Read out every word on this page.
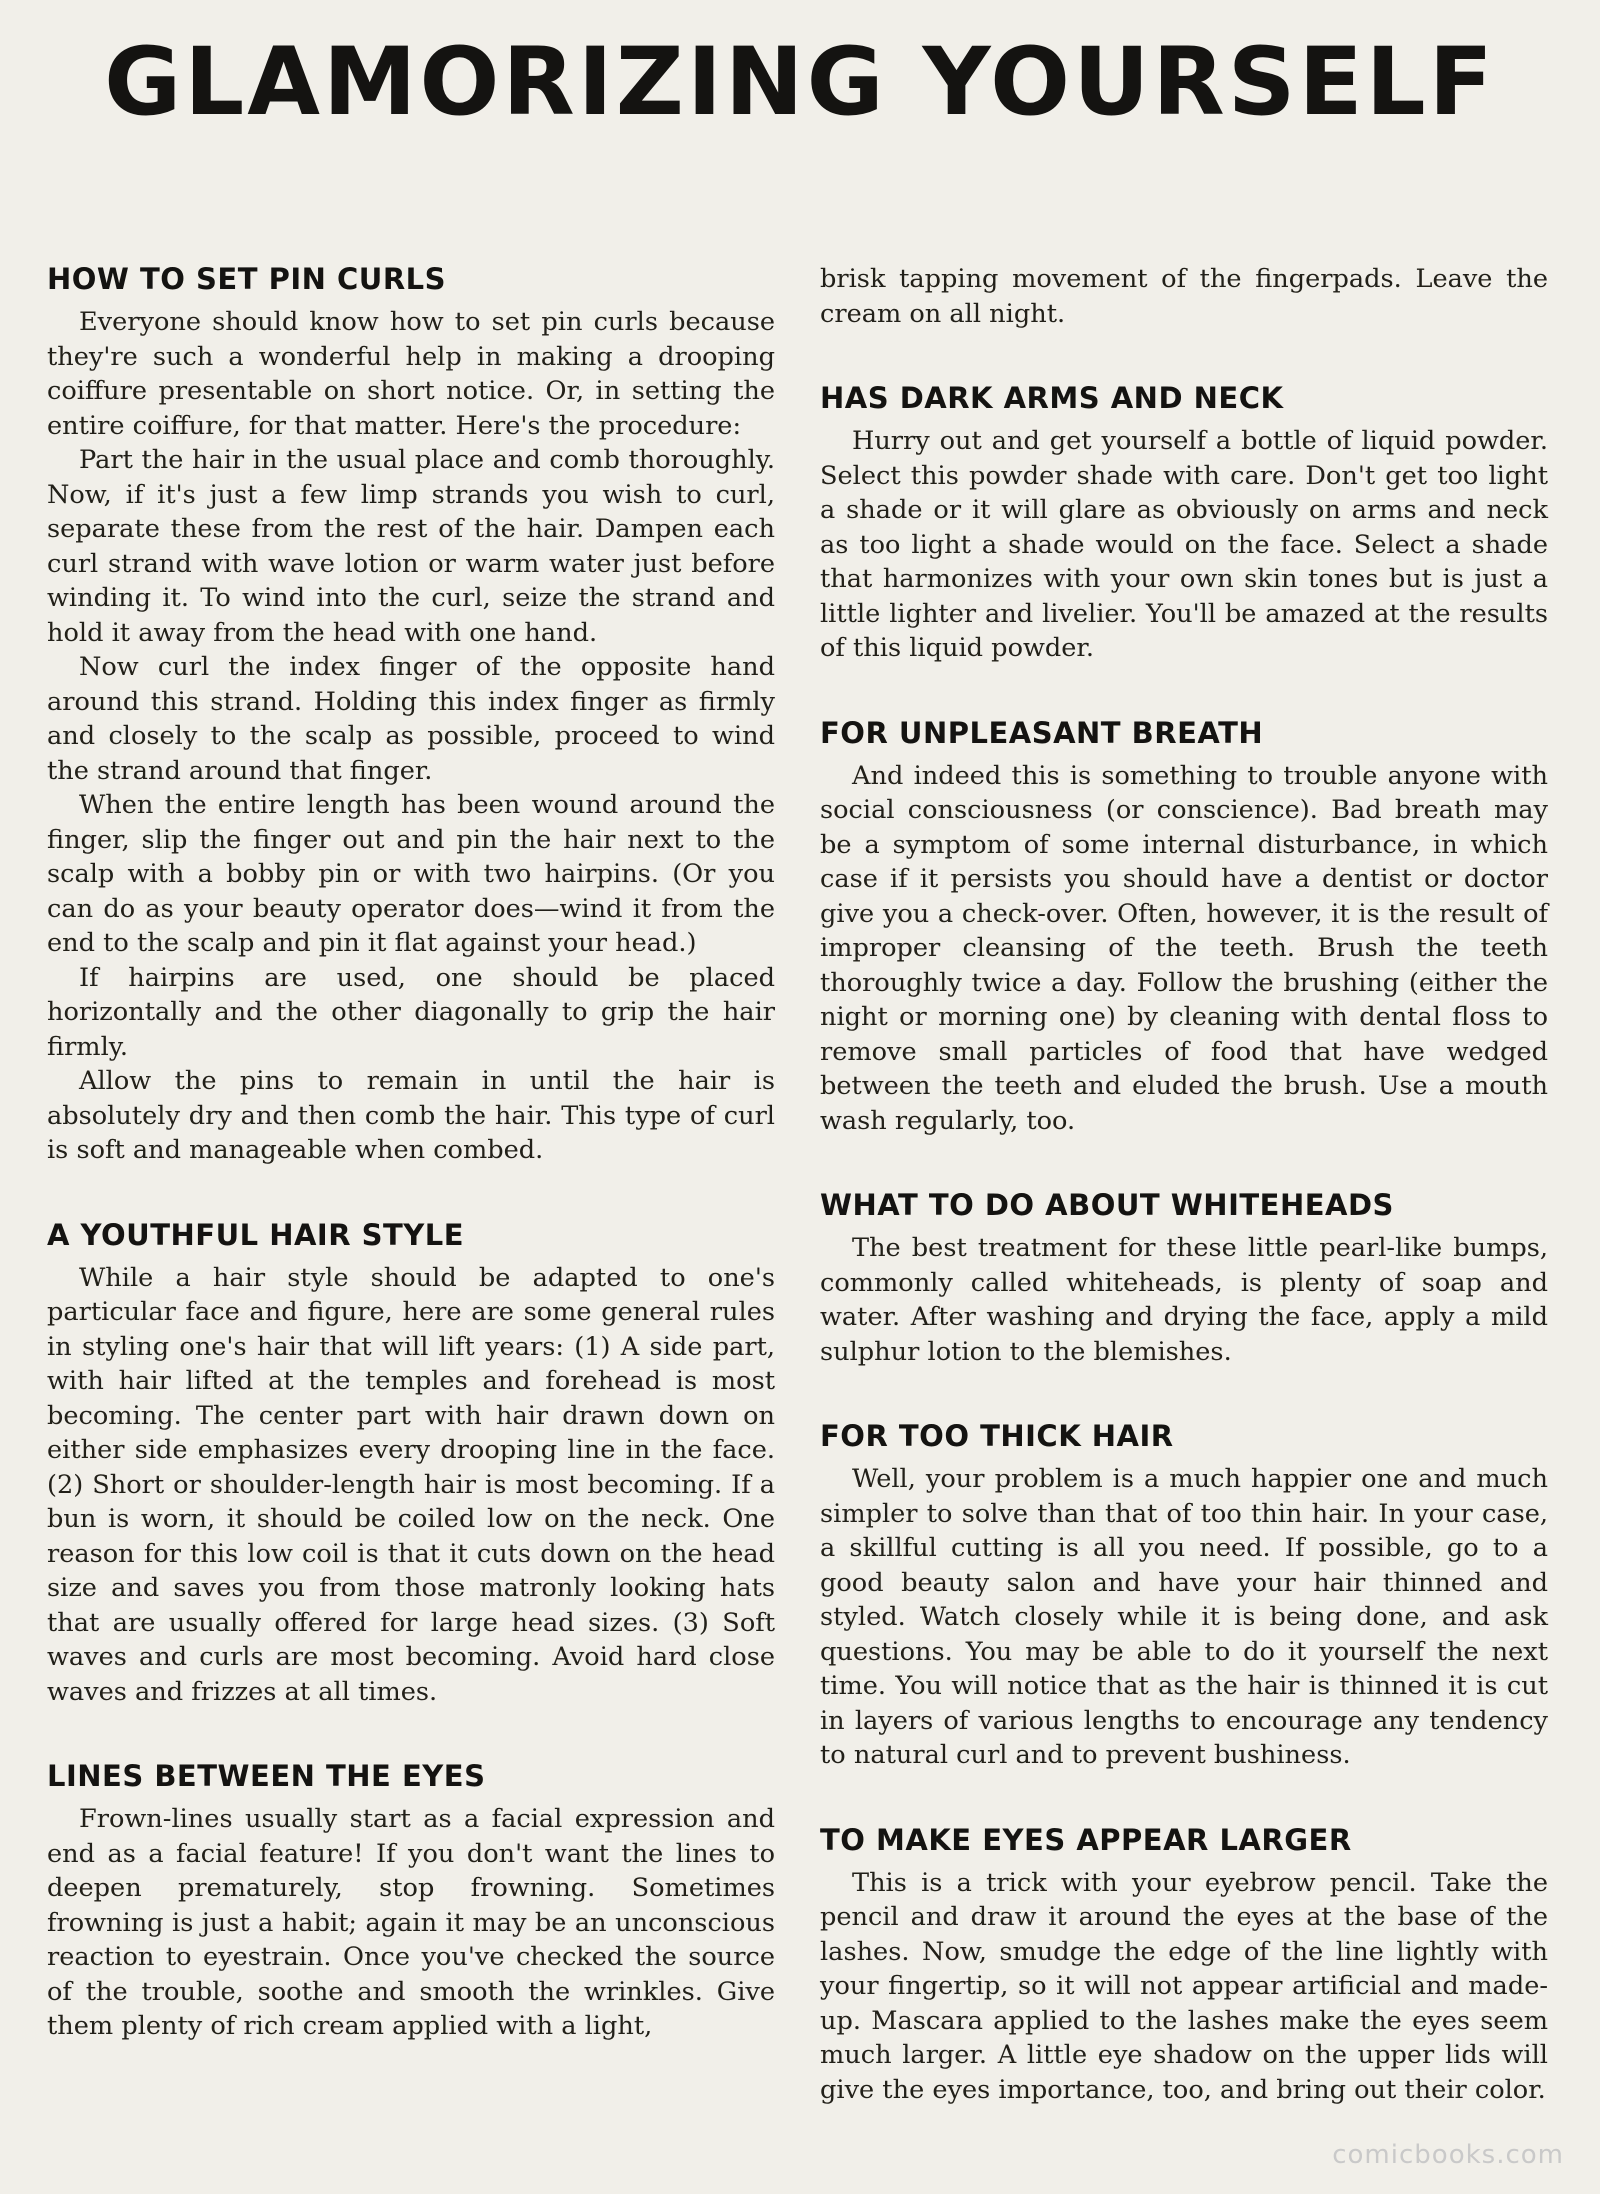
GLAMORIZING YOURSELF
HOW TO SET PIN CURLS

Everyone should know how to set pin curls because they're such a wonderful help in making a drooping coiffure presentable on short notice. Or, in setting the entire coiffure, for that matter. Here's the procedure:

Part the hair in the usual place and comb thoroughly. Now, if it's just a few limp strands you wish to curl, separate these from the rest of the hair. Dampen each curl strand with wave lotion or warm water just before winding it. To wind into the curl, seize the strand and hold it away from the head with one hand.

Now curl the index finger of the opposite hand around this strand. Holding this index finger as firmly and closely to the scalp as possible, proceed to wind the strand around that finger.

When the entire length has been wound around the finger, slip the finger out and pin the hair next to the scalp with a bobby pin or with two hairpins. (Or you can do as your beauty operator does—wind it from the end to the scalp and pin it flat against your head.)

If hairpins are used, one should be placed horizontally and the other diagonally to grip the hair firmly.

Allow the pins to remain in until the hair is absolutely dry and then comb the hair. This type of curl is soft and manageable when combed.

A YOUTHFUL HAIR STYLE

While a hair style should be adapted to one's particular face and figure, here are some general rules in styling one's hair that will lift years: (1) A side part, with hair lifted at the temples and forehead is most becoming. The center part with hair drawn down on either side emphasizes every drooping line in the face. (2) Short or shoulder-length hair is most becoming. If a bun is worn, it should be coiled low on the neck. One reason for this low coil is that it cuts down on the head size and saves you from those matronly looking hats that are usually offered for large head sizes. (3) Soft waves and curls are most becoming. Avoid hard close waves and frizzes at all times.

LINES BETWEEN THE EYES

Frown-lines usually start as a facial expression and end as a facial feature! If you don't want the lines to deepen prematurely, stop frowning. Sometimes frowning is just a habit; again it may be an unconscious reaction to eyestrain. Once you've checked the source of the trouble, soothe and smooth the wrinkles. Give them plenty of rich cream applied with a light,

brisk tapping movement of the fingerpads. Leave the cream on all night.

HAS DARK ARMS AND NECK

Hurry out and get yourself a bottle of liquid powder. Select this powder shade with care. Don't get too light a shade or it will glare as obviously on arms and neck as too light a shade would on the face. Select a shade that harmonizes with your own skin tones but is just a little lighter and livelier. You'll be amazed at the results of this liquid powder.

FOR UNPLEASANT BREATH

And indeed this is something to trouble anyone with social consciousness (or conscience). Bad breath may be a symptom of some internal disturbance, in which case if it persists you should have a dentist or doctor give you a check-over. Often, however, it is the result of improper cleansing of the teeth. Brush the teeth thoroughly twice a day. Follow the brushing (either the night or morning one) by cleaning with dental floss to remove small particles of food that have wedged between the teeth and eluded the brush. Use a mouth wash regularly, too.

WHAT TO DO ABOUT WHITEHEADS

The best treatment for these little pearl-like bumps, commonly called whiteheads, is plenty of soap and water. After washing and drying the face, apply a mild sulphur lotion to the blemishes.

FOR TOO THICK HAIR

Well, your problem is a much happier one and much simpler to solve than that of too thin hair. In your case, a skillful cutting is all you need. If possible, go to a good beauty salon and have your hair thinned and styled. Watch closely while it is being done, and ask questions. You may be able to do it yourself the next time. You will notice that as the hair is thinned it is cut in layers of various lengths to encourage any tendency to natural curl and to prevent bushiness.

TO MAKE EYES APPEAR LARGER

This is a trick with your eyebrow pencil. Take the pencil and draw it around the eyes at the base of the lashes. Now, smudge the edge of the line lightly with your fingertip, so it will not appear artificial and made-up. Mascara applied to the lashes make the eyes seem much larger. A little eye shadow on the upper lids will give the eyes importance, too, and bring out their color.

comicbooks.com
